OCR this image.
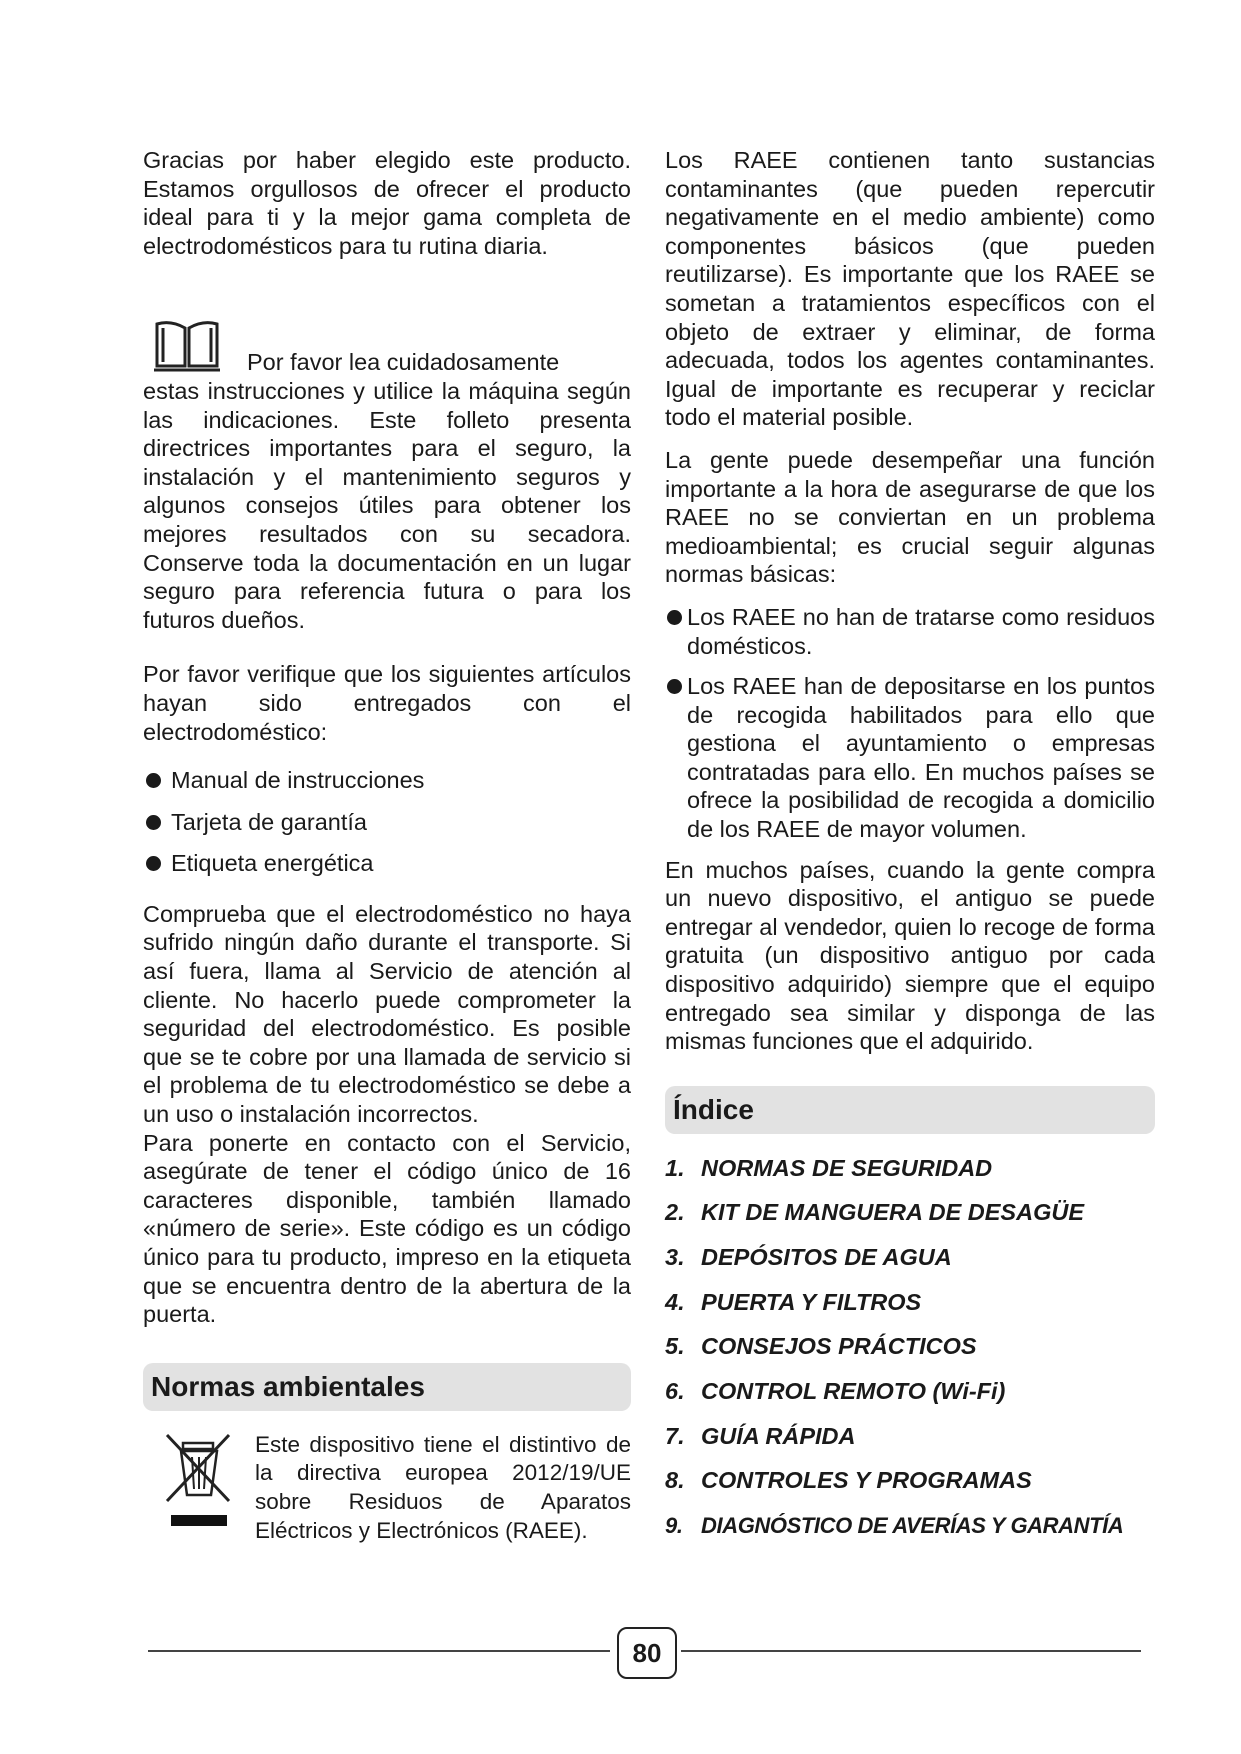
Gracias por haber elegido este producto. Estamos orgullosos de ofrecer el producto ideal para ti y la mejor gama completa de electrodomésticos para tu rutina diaria.

Por favor lea cuidadosamente

estas instrucciones y utilice la máquina según las indicaciones. Este folleto presenta directrices importantes para el seguro, la instalación y el mantenimiento seguros y algunos consejos útiles para obtener los mejores resultados con su secadora. Conserve toda la documentación en un lugar seguro para referencia futura o para los futuros dueños.

Por favor verifique que los siguientes artículos hayan sido entregados con el electrodoméstico:

Manual de instrucciones
Tarjeta de garantía
Etiqueta energética

Comprueba que el electrodoméstico no haya sufrido ningún daño durante el transporte. Si así fuera, llama al Servicio de atención al cliente. No hacerlo puede comprometer la seguridad del electrodoméstico. Es posible que se te cobre por una llamada de servicio si el problema de tu electrodoméstico se debe a un uso o instalación incorrectos.

Para ponerte en contacto con el Servicio, asegúrate de tener el código único de 16 caracteres disponible, también llamado «número de serie». Este código es un código único para tu producto, impreso en la etiqueta que se encuentra dentro de la abertura de la puerta.

Normas ambientales

Este dispositivo tiene el distintivo de la directiva europea 2012/19/UE sobre Residuos de Aparatos Eléctricos y Electrónicos (RAEE).

Los RAEE contienen tanto sustancias contaminantes (que pueden repercutir negativamente en el medio ambiente) como componentes básicos (que pueden reutilizarse). Es importante que los RAEE se sometan a tratamientos específicos con el objeto de extraer y eliminar, de forma adecuada, todos los agentes contaminantes. Igual de importante es recuperar y reciclar todo el material posible.

La gente puede desempeñar una función importante a la hora de asegurarse de que los RAEE no se conviertan en un problema medioambiental; es crucial seguir algunas normas básicas:

Los RAEE no han de tratarse como residuos domésticos.
Los RAEE han de depositarse en los puntos de recogida habilitados para ello que gestiona el ayuntamiento o empresas contratadas para ello. En muchos países se ofrece la posibilidad de recogida a domicilio de los RAEE de mayor volumen.

En muchos países, cuando la gente compra un nuevo dispositivo, el antiguo se puede entregar al vendedor, quien lo recoge de forma gratuita (un dispositivo antiguo por cada dispositivo adquirido) siempre que el equipo entregado sea similar y disponga de las mismas funciones que el adquirido.

Índice
1. NORMAS DE SEGURIDAD
2. KIT DE MANGUERA DE DESAGÜE
3. DEPÓSITOS DE AGUA
4. PUERTA Y FILTROS
5. CONSEJOS PRÁCTICOS
6. CONTROL REMOTO (Wi-Fi)
7. GUÍA RÁPIDA
8. CONTROLES Y PROGRAMAS
9. DIAGNÓSTICO DE AVERÍAS Y GARANTÍA
80
